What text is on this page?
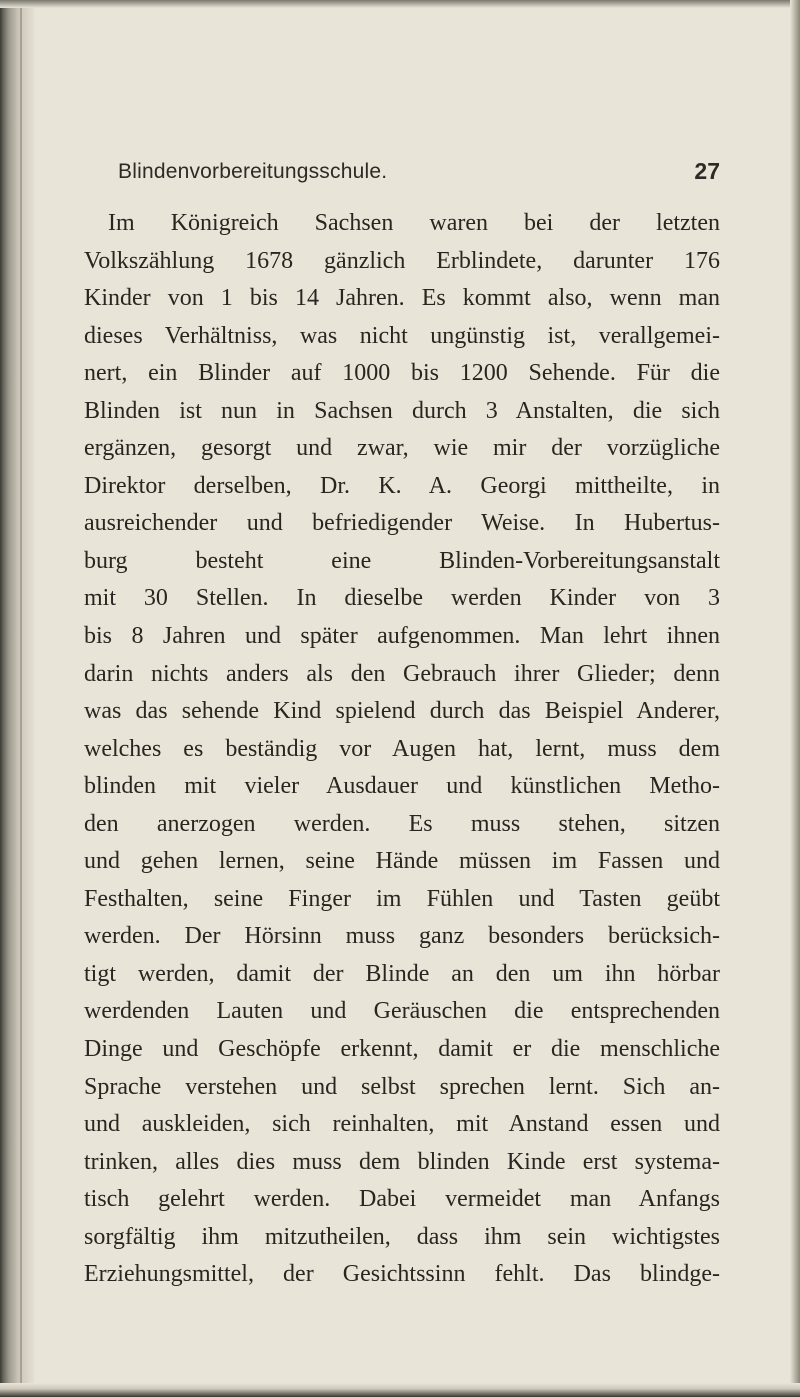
Blindenvorbereitungsschule.	27
Im Königreich Sachsen waren bei der letzten
Volkszählung 1678 gänzlich Erblindete, darunter 176
Kinder von 1 bis 14 Jahren. Es kommt also, wenn man
dieses Verhältniss, was nicht ungünstig ist, verallgemei-
nert, ein Blinder auf 1000 bis 1200 Sehende. Für die
Blinden ist nun in Sachsen durch 3 Anstalten, die sich
ergänzen, gesorgt und zwar, wie mir der vorzügliche
Direktor derselben, Dr. K. A. Georgi mittheilte, in
ausreichender und befriedigender Weise. In Hubertus-
burg besteht eine Blinden-Vorbereitungsanstalt
mit 30 Stellen. In dieselbe werden Kinder von 3
bis 8 Jahren und später aufgenommen. Man lehrt ihnen
darin nichts anders als den Gebrauch ihrer Glieder; denn
was das sehende Kind spielend durch das Beispiel Anderer,
welches es beständig vor Augen hat, lernt, muss dem
blinden mit vieler Ausdauer und künstlichen Metho-
den anerzogen werden. Es muss stehen, sitzen
und gehen lernen, seine Hände müssen im Fassen und
Festhalten, seine Finger im Fühlen und Tasten geübt
werden. Der Hörsinn muss ganz besonders berücksich-
tigt werden, damit der Blinde an den um ihn hörbar
werdenden Lauten und Geräuschen die entsprechenden
Dinge und Geschöpfe erkennt, damit er die menschliche
Sprache verstehen und selbst sprechen lernt. Sich an-
und auskleiden, sich reinhalten, mit Anstand essen und
trinken, alles dies muss dem blinden Kinde erst systema-
tisch gelehrt werden. Dabei vermeidet man Anfangs
sorgfältig ihm mitzutheilen, dass ihm sein wichtigstes
Erziehungsmittel, der Gesichtssinn fehlt. Das blindge-
